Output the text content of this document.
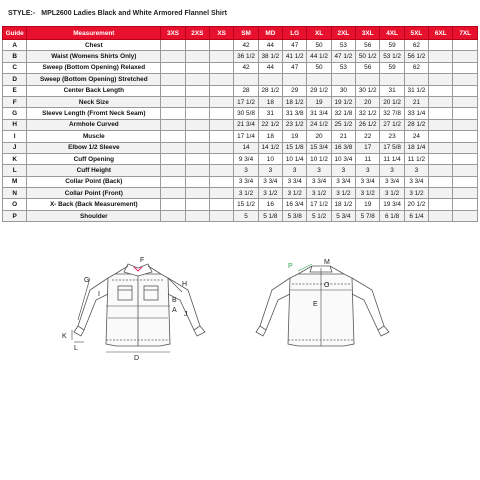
STYLE:- MPL2600 Ladies Black and White Armored Flannel Shirt
Guide	Measurement	3XS	2XS	XS	SM	MD	LG	XL	2XL	3XL	4XL	5XL	6XL	7XL
A	Chest				42	44	47	50	53	56	59	62		
B	Waist (Womens Shirts Only)				36 1/2	38 1/2	41 1/2	44 1/2	47 1/2	50 1/2	53 1/2	56 1/2		
C	Sweep (Bottom Opening) Relaxed				42	44	47	50	53	56	59	62		
D	Sweep (Bottom Opening) Stretched													
E	Center Back Length				28	28 1/2	29	29 1/2	30	30 1/2	31	31 1/2		
F	Neck Size				17 1/2	18	18 1/2	19	19 1/2	20	20 1/2	21		
G	Sleeve Length (Fromt Neck Seam)				30 5/8	31	31 3/8	31 3/4	32 1/8	32 1/2	32 7/8	33 1/4		
H	Armhole Curved				21 3/4	22 1/2	23 1/2	24 1/2	25 1/2	26 1/2	27 1/2	28 1/2		
I	Muscle				17 1/4	18	19	20	21	22	23	24		
J	Elbow 1/2 Sleeve				14	14 1/2	15 1/8	15 3/4	16 3/8	17	17 5/8	18 1/4		
K	Cuff Opening				9 3/4	10	10 1/4	10 1/2	10 3/4	11	11 1/4	11 1/2		
L	Cuff Height				3	3	3	3	3	3	3	3		
M	Collar Point (Back)				3 3/4	3 3/4	3 3/4	3 3/4	3 3/4	3 3/4	3 3/4	3 3/4		
N	Collar Point (Front)				3 1/2	3 1/2	3 1/2	3 1/2	3 1/2	3 1/2	3 1/2	3 1/2		
O	X- Back (Back Measurement)				15 1/2	16	16 3/4	17 1/2	18 1/2	19	19 3/4	20 1/2		
P	Shoulder				5	5 1/8	5 3/8	5 1/2	5 3/4	5 7/8	6 1/8	6 1/4		
G
F
H
I
B
A
J
K
L
D
P
M
O
E
